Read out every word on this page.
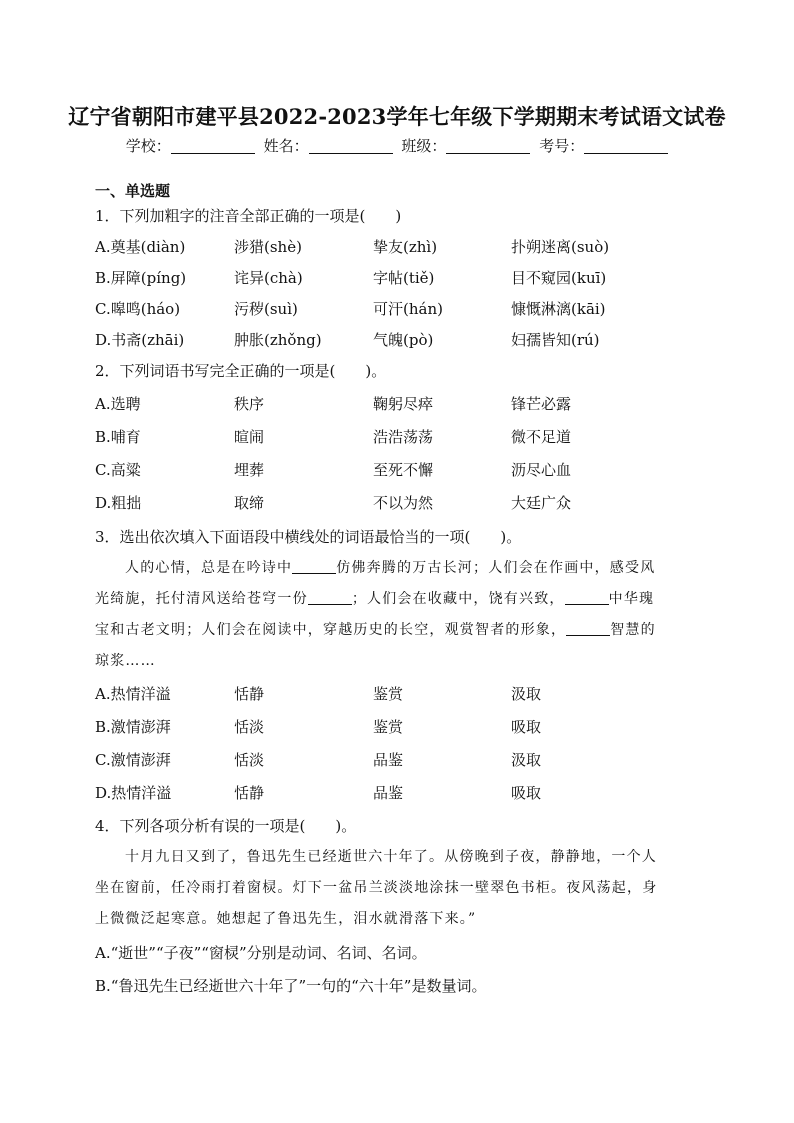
辽宁省朝阳市建平县2022-2023学年七年级下学期期末考试语文试卷
学校：	姓名：	班级：	考号：
一、单选题
1．下列加粗字的注音全部正确的一项是(　　)
A.奠基(diàn)	涉猎(shè)	挚友(zhì)	扑朔迷离(suò)
B.屏障(píng)	诧异(chà)	字帖(tiě)	目不窥园(kuī)
C.嗥鸣(háo)	污秽(suì)	可汗(hán)	慷慨淋漓(kāi)
D.书斋(zhāi)	肿胀(zhǒng)	气魄(pò)	妇孺皆知(rú)
2．下列词语书写完全正确的一项是(　　)。
A.选聘	秩序	鞠躬尽瘁	锋芒必露
B.哺育	暄闹	浩浩荡荡	微不足道
C.高粱	埋葬	至死不懈	沥尽心血
D.粗拙	取缔	不以为然	大廷广众
3．选出依次填入下面语段中横线处的词语最恰当的一项(　　)。
人的心情，总是在吟诗中	仿佛奔腾的万古长河；人们会在作画中，感受风
光绮旎，托付清风送给苍穹一份	；人们会在收藏中，饶有兴致，	中华瑰
宝和古老文明；人们会在阅读中，穿越历史的长空，观赏智者的形象，	智慧的
琼浆……
A.热情洋溢	恬静	鉴赏	汲取
B.激情澎湃	恬淡	鉴赏	吸取
C.激情澎湃	恬淡	品鉴	汲取
D.热情洋溢	恬静	品鉴	吸取
4．下列各项分析有误的一项是(　　)。
十月九日又到了，鲁迅先生已经逝世六十年了。从傍晚到子夜，静静地，一个人
坐在窗前，任冷雨打着窗棂。灯下一盆吊兰淡淡地涂抹一壁翠色书柜。夜风荡起，身
上微微泛起寒意。她想起了鲁迅先生，泪水就滑落下来。”
A.“逝世”“子夜”“窗棂”分别是动词、名词、名词。
B.“鲁迅先生已经逝世六十年了”一句的“六十年”是数量词。
